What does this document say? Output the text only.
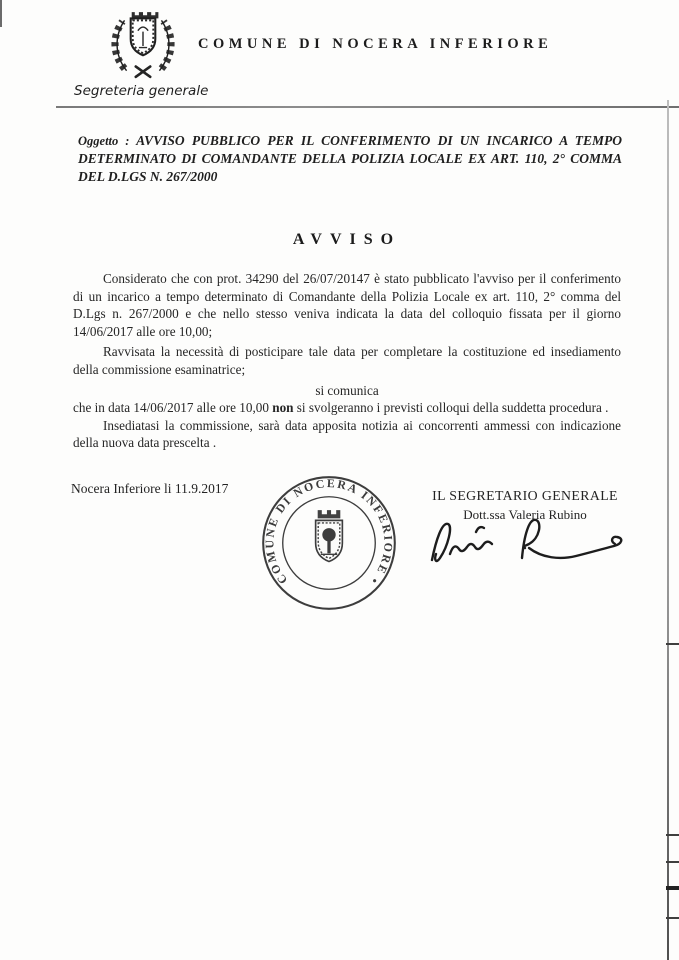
COMUNE DI NOCERA INFERIORE
Segreteria generale

Oggetto : AVVISO PUBBLICO PER IL CONFERIMENTO DI UN INCARICO A TEMPO DETERMINATO DI COMANDANTE DELLA POLIZIA LOCALE EX ART. 110, 2° COMMA DEL D.LGS N. 267/2000

AVVISO

Considerato che con prot. 34290 del 26/07/20147 è stato pubblicato l'avviso per il conferimento di un incarico a tempo determinato di Comandante della Polizia Locale ex art. 110, 2° comma del D.Lgs n. 267/2000 e che nello stesso veniva indicata la data del colloquio fissata per il giorno 14/06/2017 alle ore 10,00;

Ravvisata la necessità di posticipare tale data per completare la costituzione ed insediamento della commissione esaminatrice;

si comunica

che in data 14/06/2017 alle ore 10,00 non si svolgeranno i previsti colloqui della suddetta procedura .

Insediatasi la commissione, sarà data apposita notizia ai concorrenti ammessi con indicazione della nuova data prescelta .

Nocera Inferiore li 11.9.2017

COMUNE DI NOCERA INFERIORE •
IL SEGRETARIO GENERALE
Dott.ssa Valeria Rubino
